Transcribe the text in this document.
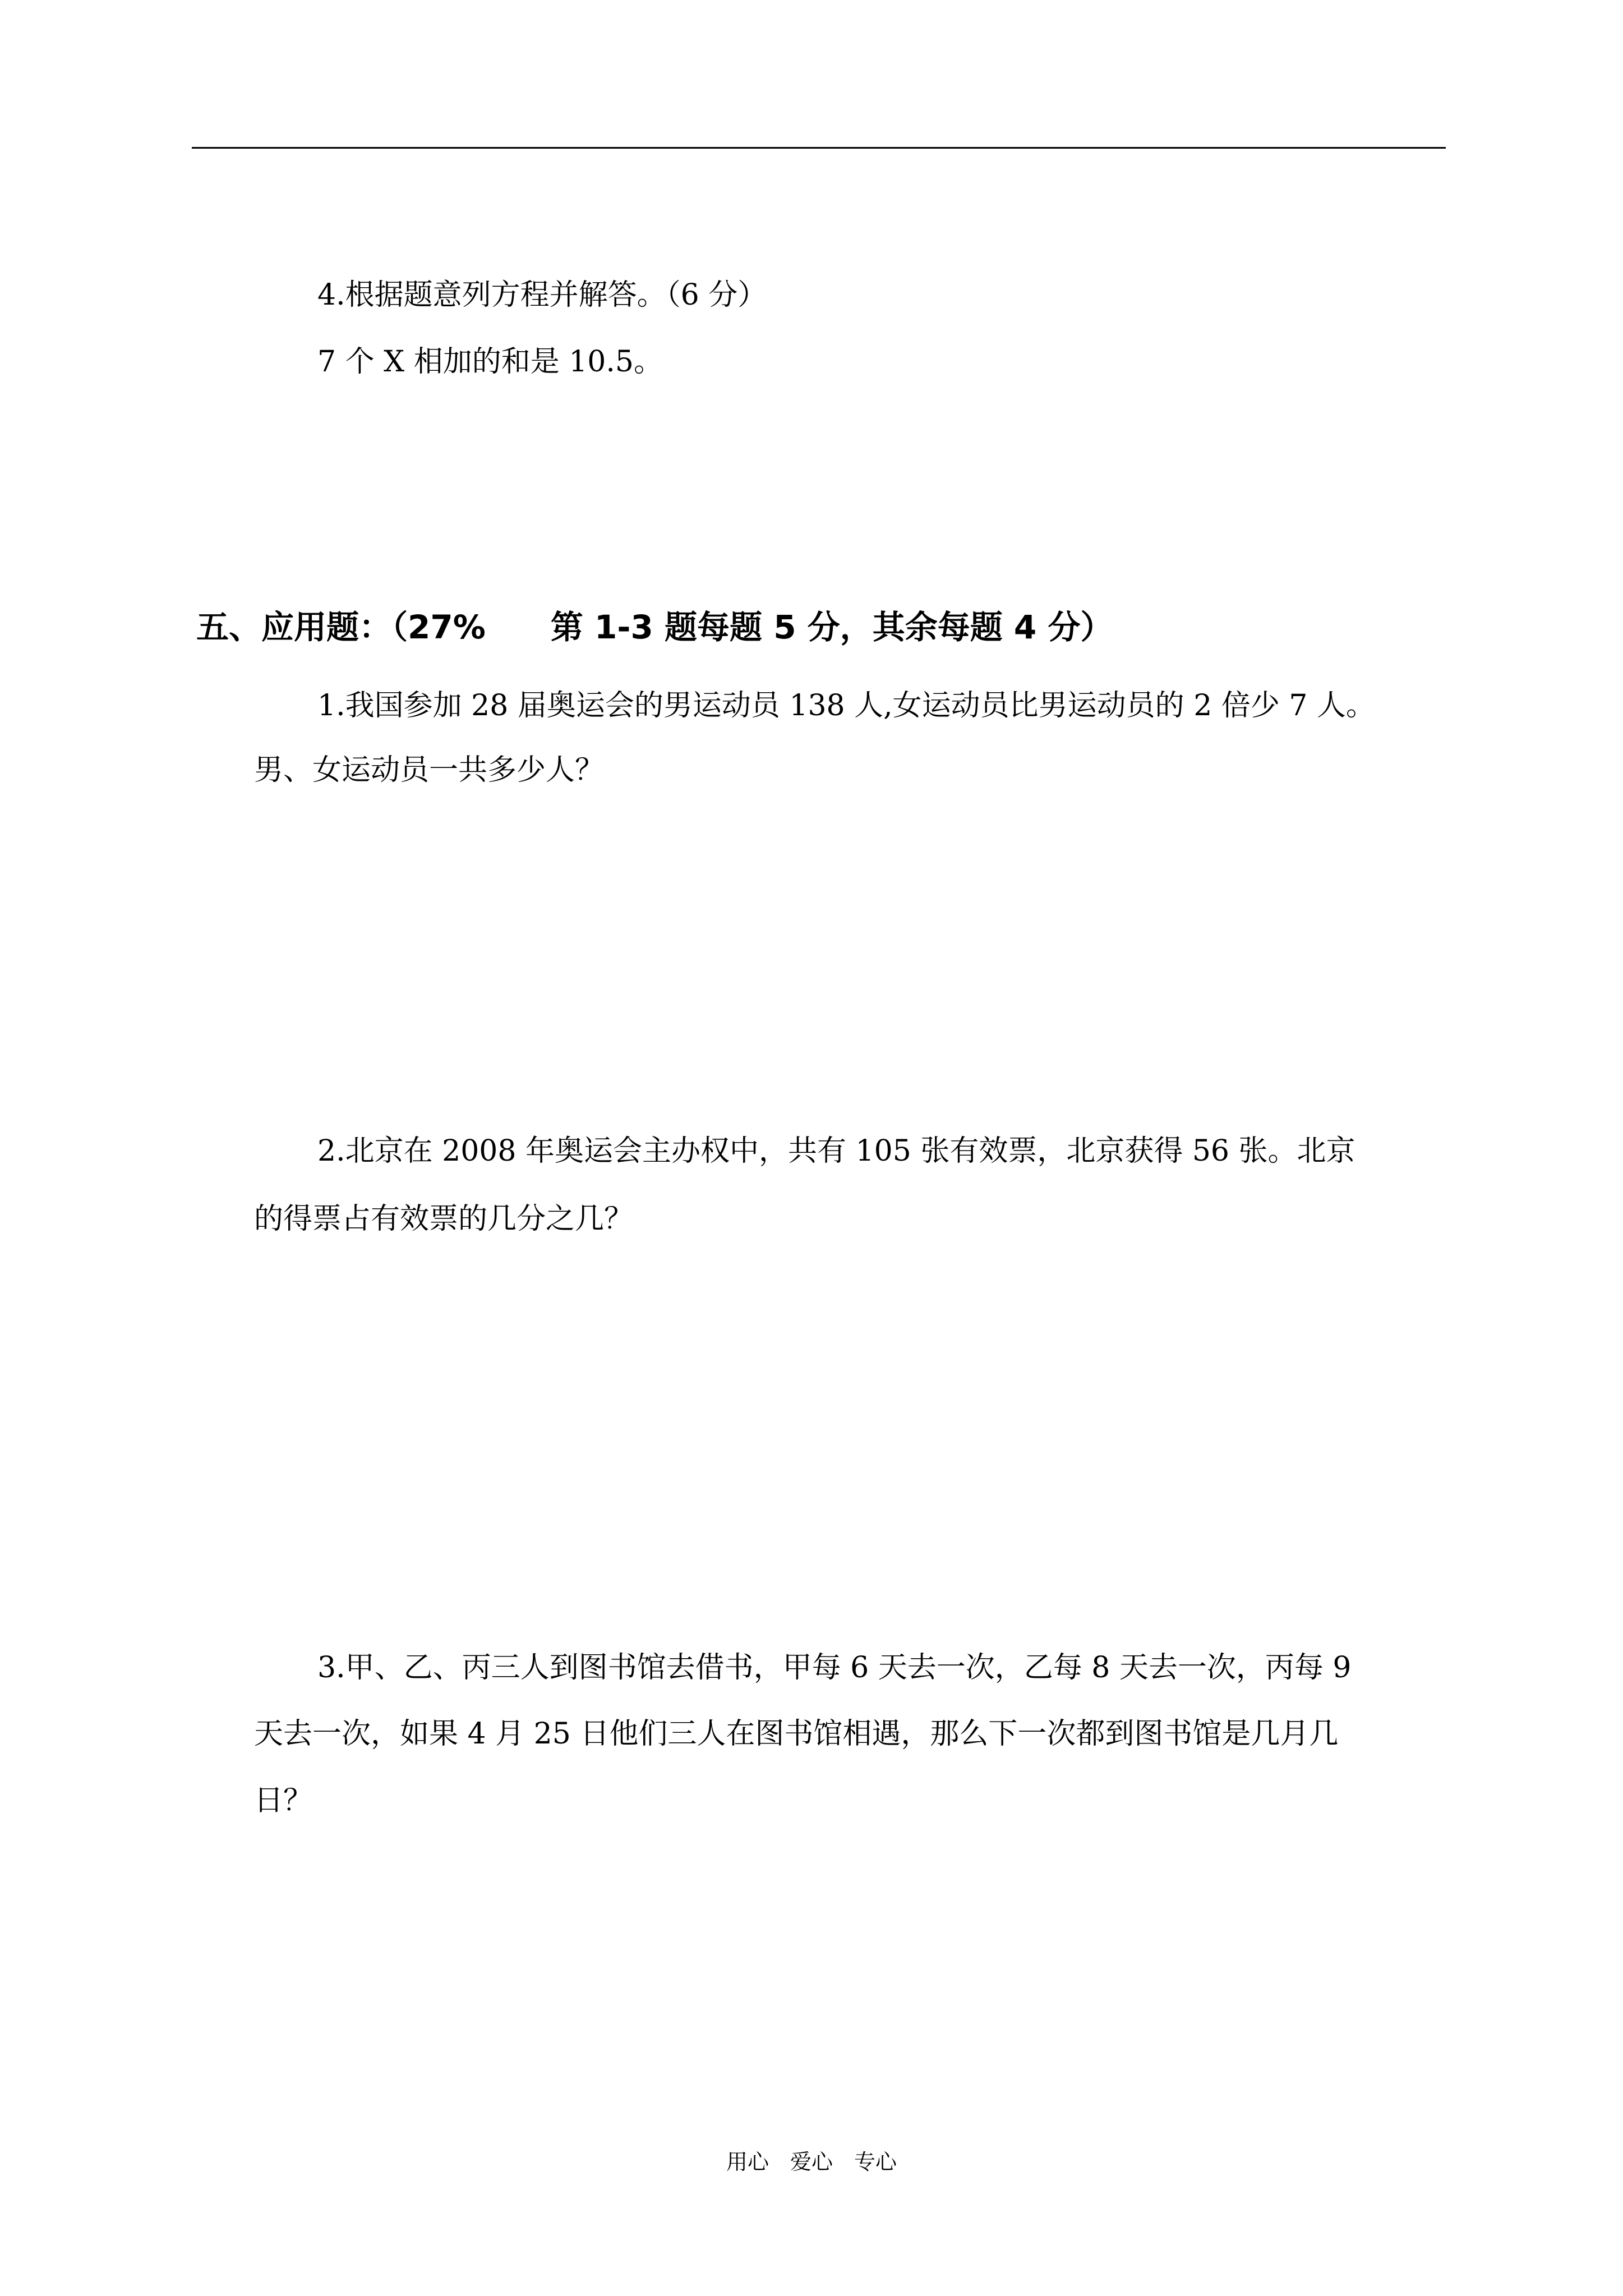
4.根据题意列方程并解答。（6 分）
7 个 X 相加的和是 10.5。
五、应用题：（27%　　第 1-3 题每题 5 分，其余每题 4 分）
1.我国参加 28 届奥运会的男运动员 138 人,女运动员比男运动员的 2 倍少 7 人。
男、女运动员一共多少人？
2.北京在 2008 年奥运会主办权中，共有 105 张有效票，北京获得 56 张。北京
的得票占有效票的几分之几？
3.甲、乙、丙三人到图书馆去借书，甲每 6 天去一次，乙每 8 天去一次，丙每 9
天去一次，如果 4 月 25 日他们三人在图书馆相遇，那么下一次都到图书馆是几月几
日？
用心　爱心　专心
